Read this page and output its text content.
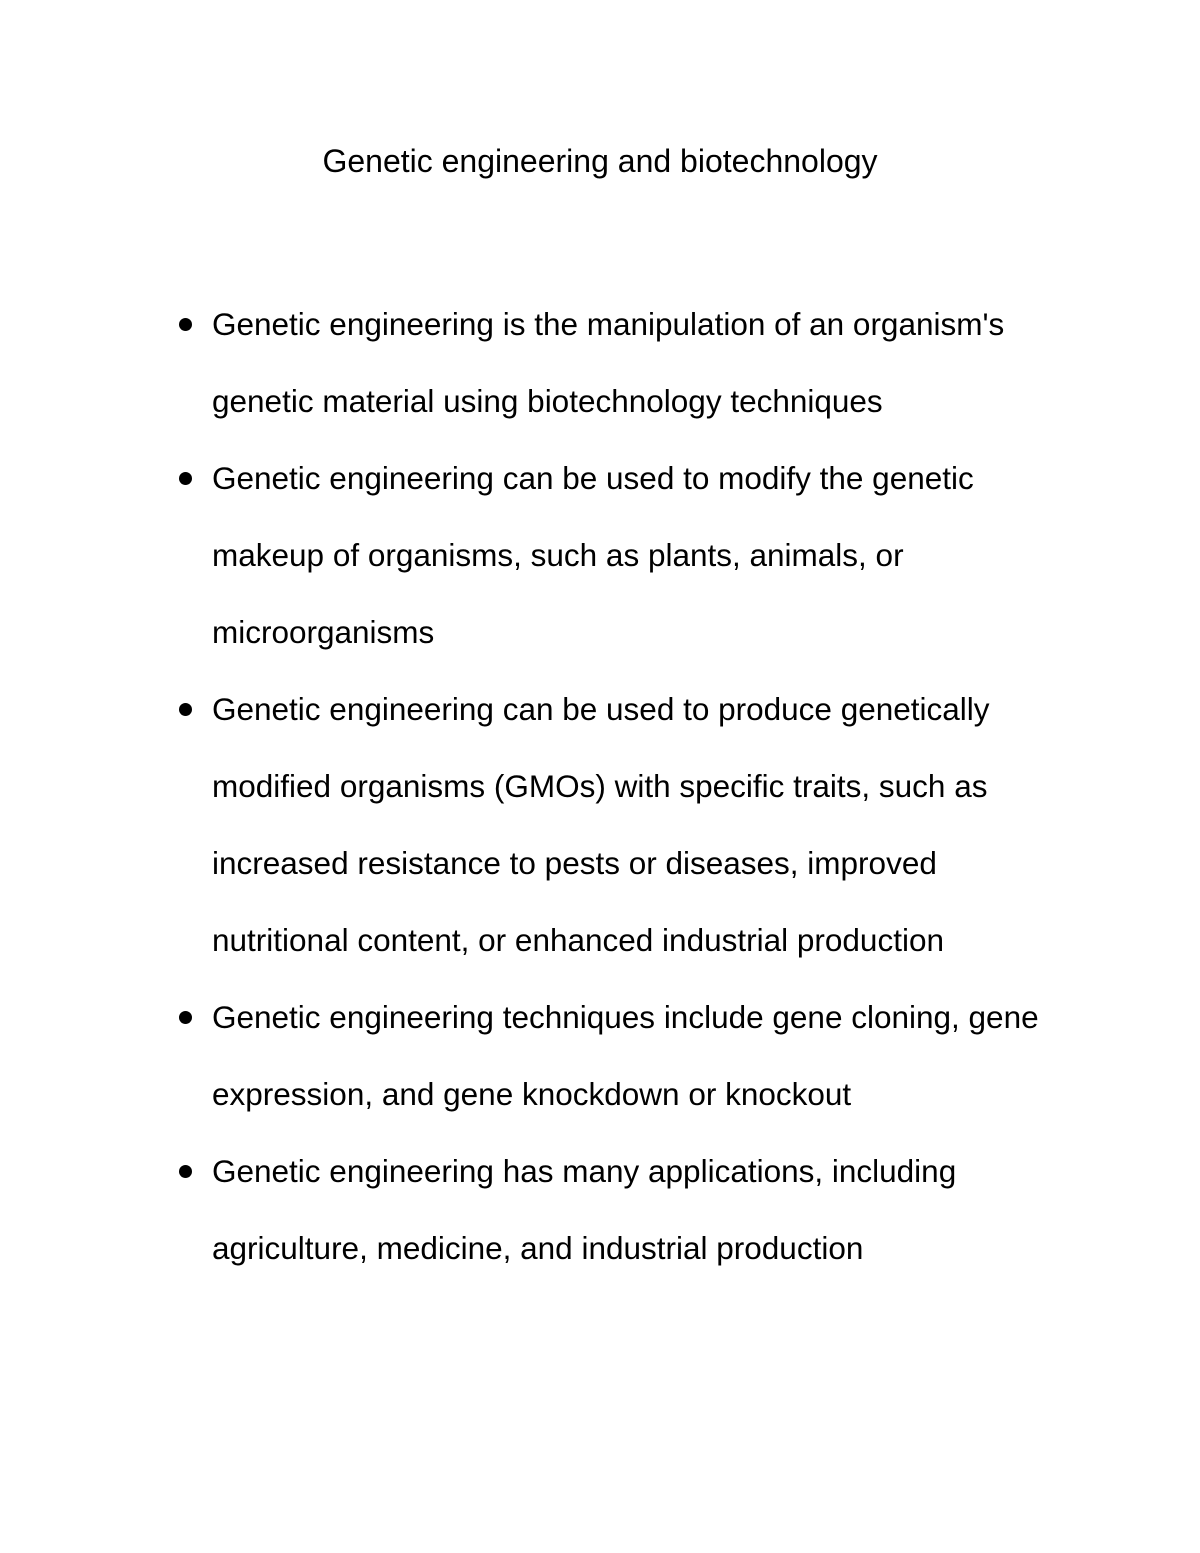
Genetic engineering and biotechnology
Genetic engineering is the manipulation of an organism's genetic material using biotechnology techniques
Genetic engineering can be used to modify the genetic makeup of organisms, such as plants, animals, or microorganisms
Genetic engineering can be used to produce genetically modified organisms (GMOs) with specific traits, such as increased resistance to pests or diseases, improved nutritional content, or enhanced industrial production
Genetic engineering techniques include gene cloning, gene expression, and gene knockdown or knockout
Genetic engineering has many applications, including agriculture, medicine, and industrial production
